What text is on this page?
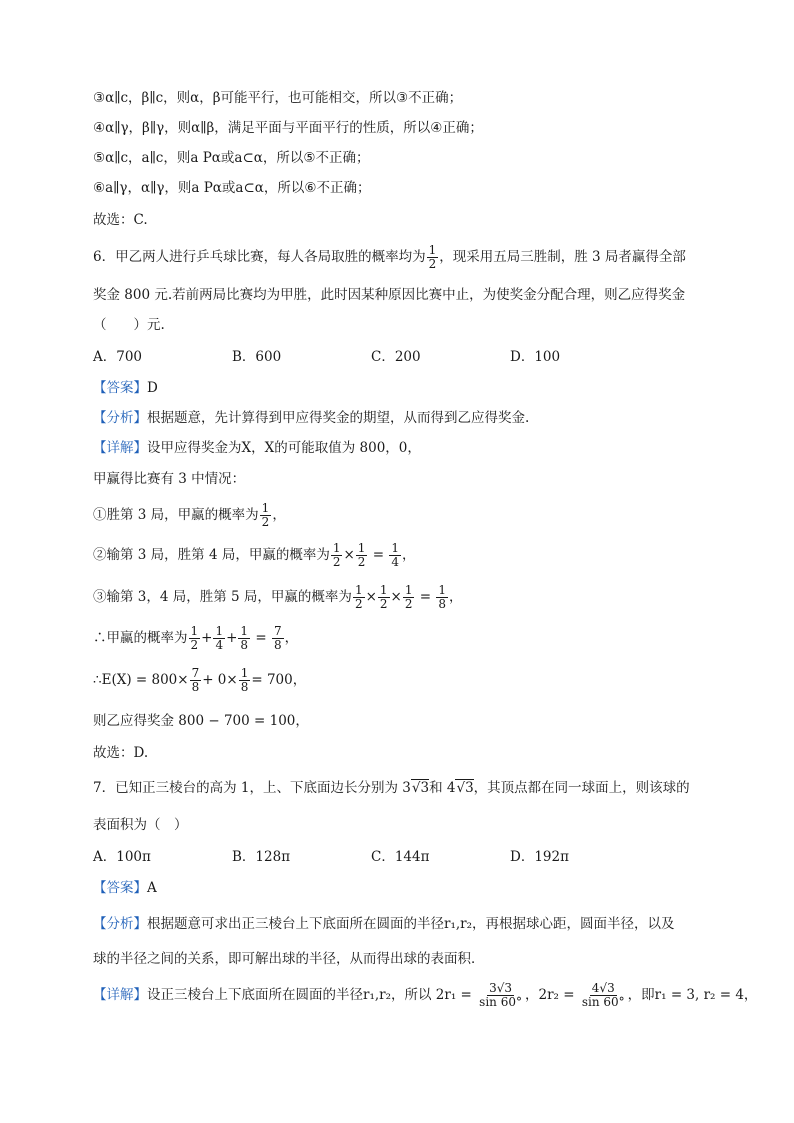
③α∥c，β∥c，则α，β可能平行，也可能相交，所以③不正确；
④α∥γ，β∥γ，则α∥β，满足平面与平面平行的性质，所以④正确；
⑤α∥c，a∥c，则a Pα或a⊂α，所以⑤不正确；
⑥a∥γ，α∥γ，则a Pα或a⊂α，所以⑥不正确；
故选：C.
6．甲乙两人进行乒乓球比赛，每人各局取胜的概率均为 $\frac{1}{2}$ ，现采用五局三胜制，胜 3 局者赢得全部
奖金 800 元.若前两局比赛均为甲胜，此时因某种原因比赛中止，为使奖金分配合理，则乙应得奖金
（　　）元.
A．700	B．600	C．200	D．100
【答案】D
【分析】根据题意，先计算得到甲应得奖金的期望，从而得到乙应得奖金.
【详解】设甲应得奖金为X，X的可能取值为 800，0，
甲赢得比赛有 3 中情况：
①胜第 3 局，甲赢的概率为 $\frac{1}{2}$ ，
②输第 3 局，胜第 4 局，甲赢的概率为 $\frac{1}{2} \times \frac{1}{2} = \frac{1}{4}$ ，
③输第 3，4 局，胜第 5 局，甲赢的概率为 $\frac{1}{2} \times \frac{1}{2} \times \frac{1}{2} = \frac{1}{8}$ ，
∴甲赢的概率为 $\frac{1}{2} + \frac{1}{4} + \frac{1}{8} = \frac{7}{8}$ ，
∴E(X) = $800\times \frac{7}{8} + 0\times \frac{1}{8} = 700$，
则乙应得奖金 800 − 700 = 100，
故选：D.
7．已知正三棱台的高为 1，上、下底面边长分别为 3√3和 4√3，其顶点都在同一球面上，则该球的
表面积为（　）
A．100π	B．128π	C．144π	D．192π
【答案】A
【分析】根据题意可求出正三棱台上下底面所在圆面的半径r₁,r₂，再根据球心距，圆面半径，以及
球的半径之间的关系，即可解出球的半径，从而得出球的表面积．
【详解】设正三棱台上下底面所在圆面的半径r₁,r₂，所以 $2r_1 = \frac{3√3}{\sin 60^\circ}$ ，$2r_2 = \frac{4√3}{\sin 60^\circ}$ ，即r₁ = 3, r₂ = 4，
